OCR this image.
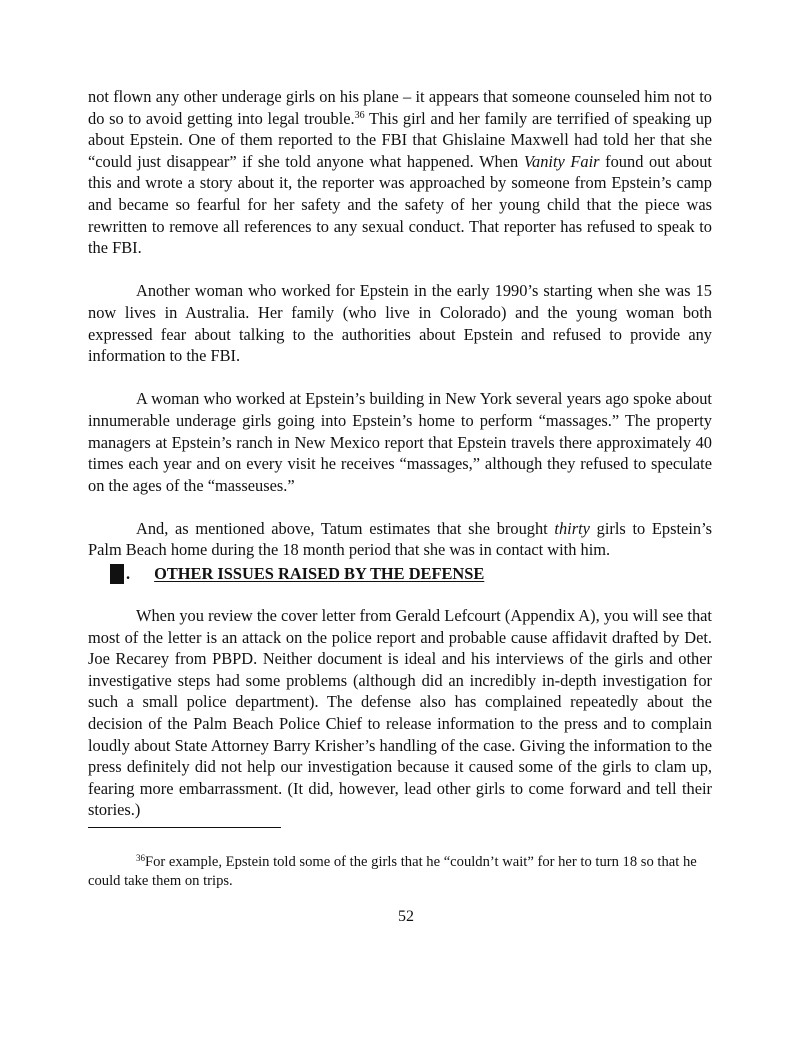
not flown any other underage girls on his plane – it appears that someone counseled him not to do so to avoid getting into legal trouble.$^{36}$ This girl and her family are terrified of speaking up about Epstein. One of them reported to the FBI that Ghislaine Maxwell had told her that she “could just disappear” if she told anyone what happened. When Vanity Fair found out about this and wrote a story about it, the reporter was approached by someone from Epstein’s camp and became so fearful for her safety and the safety of her young child that the piece was rewritten to remove all references to any sexual conduct. That reporter has refused to speak to the FBI.

Another woman who worked for Epstein in the early 1990’s starting when she was 15 now lives in Australia. Her family (who live in Colorado) and the young woman both expressed fear about talking to the authorities about Epstein and refused to provide any information to the FBI.

A woman who worked at Epstein’s building in New York several years ago spoke about innumerable underage girls going into Epstein’s home to perform “massages.” The property managers at Epstein’s ranch in New Mexico report that Epstein travels there approximately 40 times each year and on every visit he receives “massages,” although they refused to speculate on the ages of the “masseuses.”

And, as mentioned above, Tatum estimates that she brought thirty girls to Epstein’s Palm Beach home during the 18 month period that she was in contact with him.

. OTHER ISSUES RAISED BY THE DEFENSE

When you review the cover letter from Gerald Lefcourt (Appendix A), you will see that most of the letter is an attack on the police report and probable cause affidavit drafted by Det. Joe Recarey from PBPD. Neither document is ideal and his interviews of the girls and other investigative steps had some problems (although did an incredibly in-depth investigation for such a small police department). The defense also has complained repeatedly about the decision of the Palm Beach Police Chief to release information to the press and to complain loudly about State Attorney Barry Krisher’s handling of the case. Giving the information to the press definitely did not help our investigation because it caused some of the girls to clam up, fearing more embarrassment. (It did, however, lead other girls to come forward and tell their stories.)

$^{36}$For example, Epstein told some of the girls that he “couldn’t wait” for her to turn 18 so that he could take them on trips.
52
